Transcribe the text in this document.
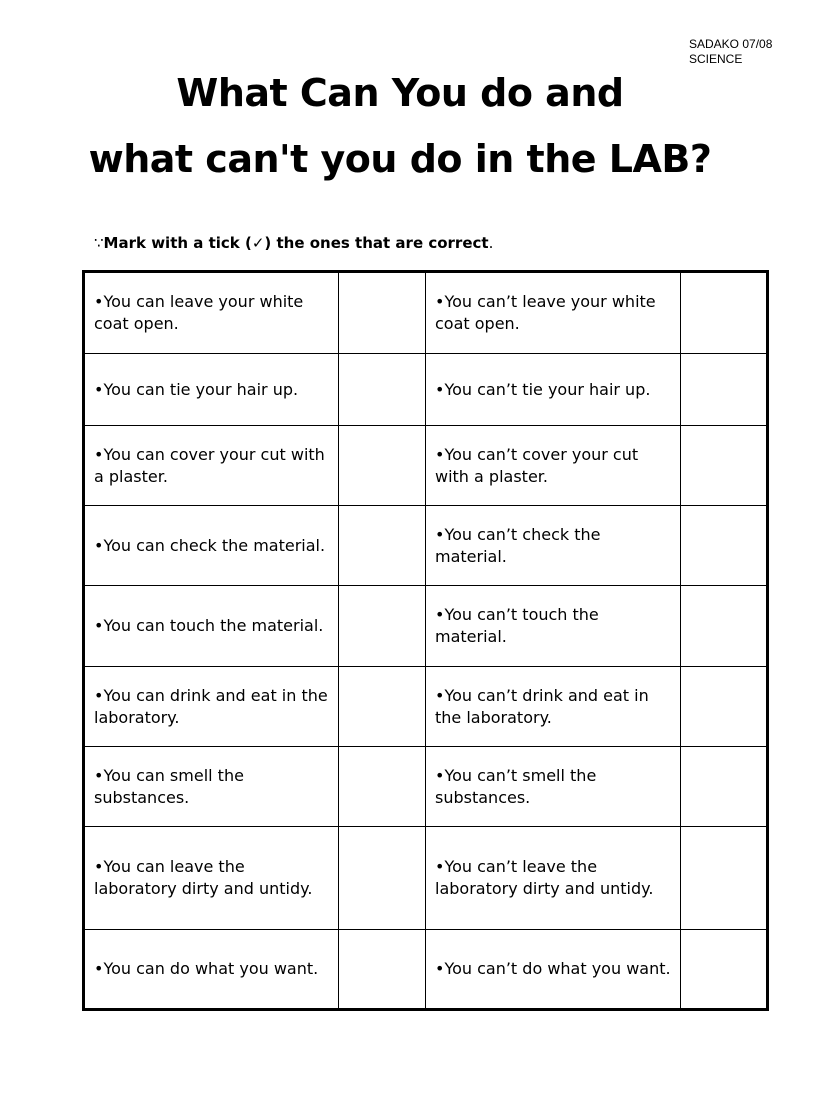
SADAKO 07/08
SCIENCE
What Can You do and
what can't you do in the LAB?
∵Mark with a tick (✓) the ones that are correct.
•You can leave your white coat open.		•You can’t leave your white coat open.	
•You can tie your hair up.		•You can’t tie your hair up.	
•You can cover your cut with a plaster.		•You can’t cover your cut with a plaster.	
•You can check the material.		•You can’t check the material.	
•You can touch the material.		•You can’t touch the material.	
•You can drink and eat in the laboratory.		•You can’t drink and eat in the laboratory.	
•You can smell the substances.		•You can’t smell the substances.	
•You can leave the laboratory dirty and untidy.		•You can’t leave the laboratory dirty and untidy.	
•You can do what you want.		•You can’t do what you want.	
